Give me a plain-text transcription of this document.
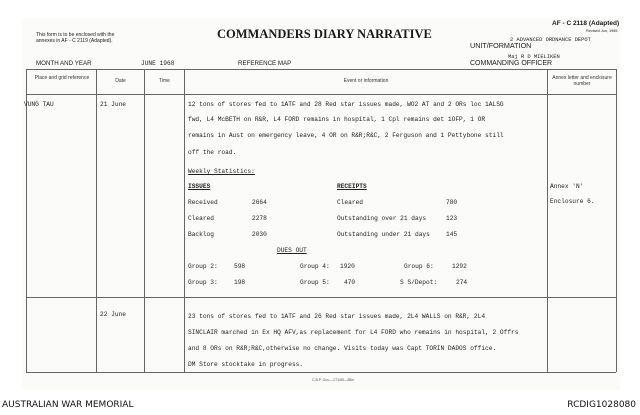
This form is to be enclosed with the
annexes in AF - C 2119 (Adapted).	COMMANDERS DIARY NARRATIVE
AF - C 2118 (Adapted)
Revised Jun, 1965
2 ADVANCED ORDNANCE DEPOT
UNIT/FORMATION
MONTH AND YEAR	JUNE 1968	REFERENCE MAP
Maj R D MIELIKEN
COMMANDING OFFICER
Place and grid reference	Date	Time	Event or information	Annex letter and enclosure number
VUNG TAU	21 June	12 tons of stores fed to 1ATF and 28 Red star issues made, WO2 AT and 2 ORs loc 1ALSG
fwd, L4 McBETH on R&R, L4 FORD remains in hospital, 1 Cpl remains det 1OFP, 1 OR
remains in Aust on emergency leave, 4 OR on R&R;R&C, 2 Ferguson and 1 Pettybone still
off the road.
Weekly Statistics:
ISSUES
Received	2664
Cleared	2278
Backlog	2030
RECEIPTS
Cleared	780
Outstanding over 21 days	123
Outstanding under 21 days	145
DUES OUT
Group 2:	598	Group 4: 1920	Group 6:	1292
Group 3:	198	Group 5: 470	S S/Depot:	274
Annex 'N'
Enclosure 6.
22 June	23 tons of stores fed to 1ATF and 26 Red star issues made, 2L4 WALLS on R&R, 2L4
SINCLAIR marched in Ex HQ AFV,as replacement for L4 FORD who remains in hospital, 2 Offrs
and 8 ORs on R&R;R&C,otherwise no change. Visits today was Capt TORIN DADOS office.
DM Store stocktake in progress.
C.B.P. Gov.—271/65—85m
AUSTRALIAN WAR MEMORIAL	RCDIG1028080
